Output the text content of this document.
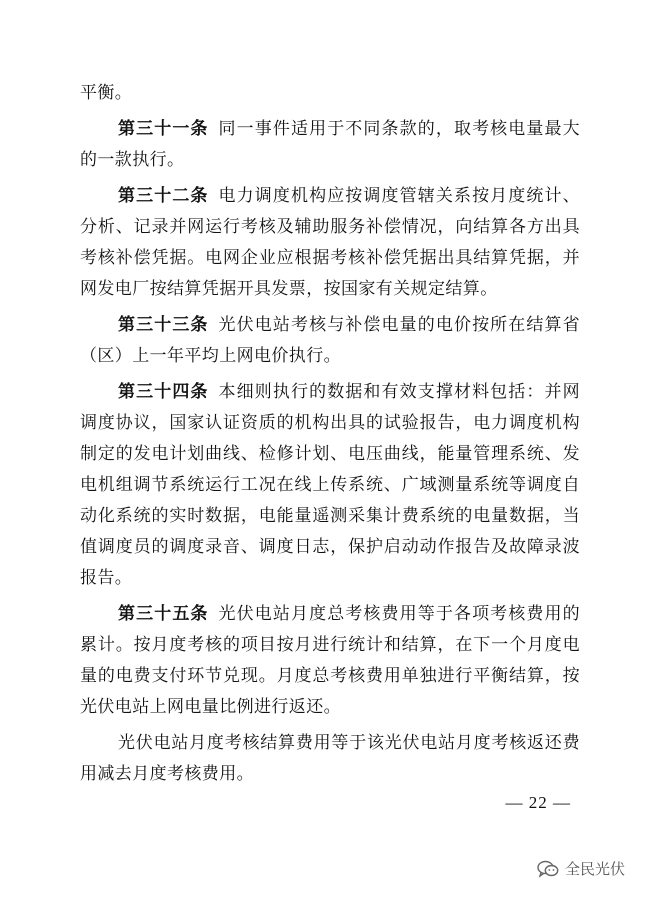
平衡。

第三十一条 同一事件适用于不同条款的，取考核电量最大的一款执行。

第三十二条 电力调度机构应按调度管辖关系按月度统计、分析、记录并网运行考核及辅助服务补偿情况，向结算各方出具考核补偿凭据。电网企业应根据考核补偿凭据出具结算凭据，并网发电厂按结算凭据开具发票，按国家有关规定结算。

第三十三条 光伏电站考核与补偿电量的电价按所在结算省（区）上一年平均上网电价执行。

第三十四条 本细则执行的数据和有效支撑材料包括：并网调度协议，国家认证资质的机构出具的试验报告，电力调度机构制定的发电计划曲线、检修计划、电压曲线，能量管理系统、发电机组调节系统运行工况在线上传系统、广域测量系统等调度自动化系统的实时数据，电能量遥测采集计费系统的电量数据，当值调度员的调度录音、调度日志，保护启动动作报告及故障录波报告。

第三十五条 光伏电站月度总考核费用等于各项考核费用的累计。按月度考核的项目按月进行统计和结算，在下一个月度电量的电费支付环节兑现。月度总考核费用单独进行平衡结算，按光伏电站上网电量比例进行返还。

光伏电站月度考核结算费用等于该光伏电站月度考核返还费用减去月度考核费用。

— 22 —
全民光伏
